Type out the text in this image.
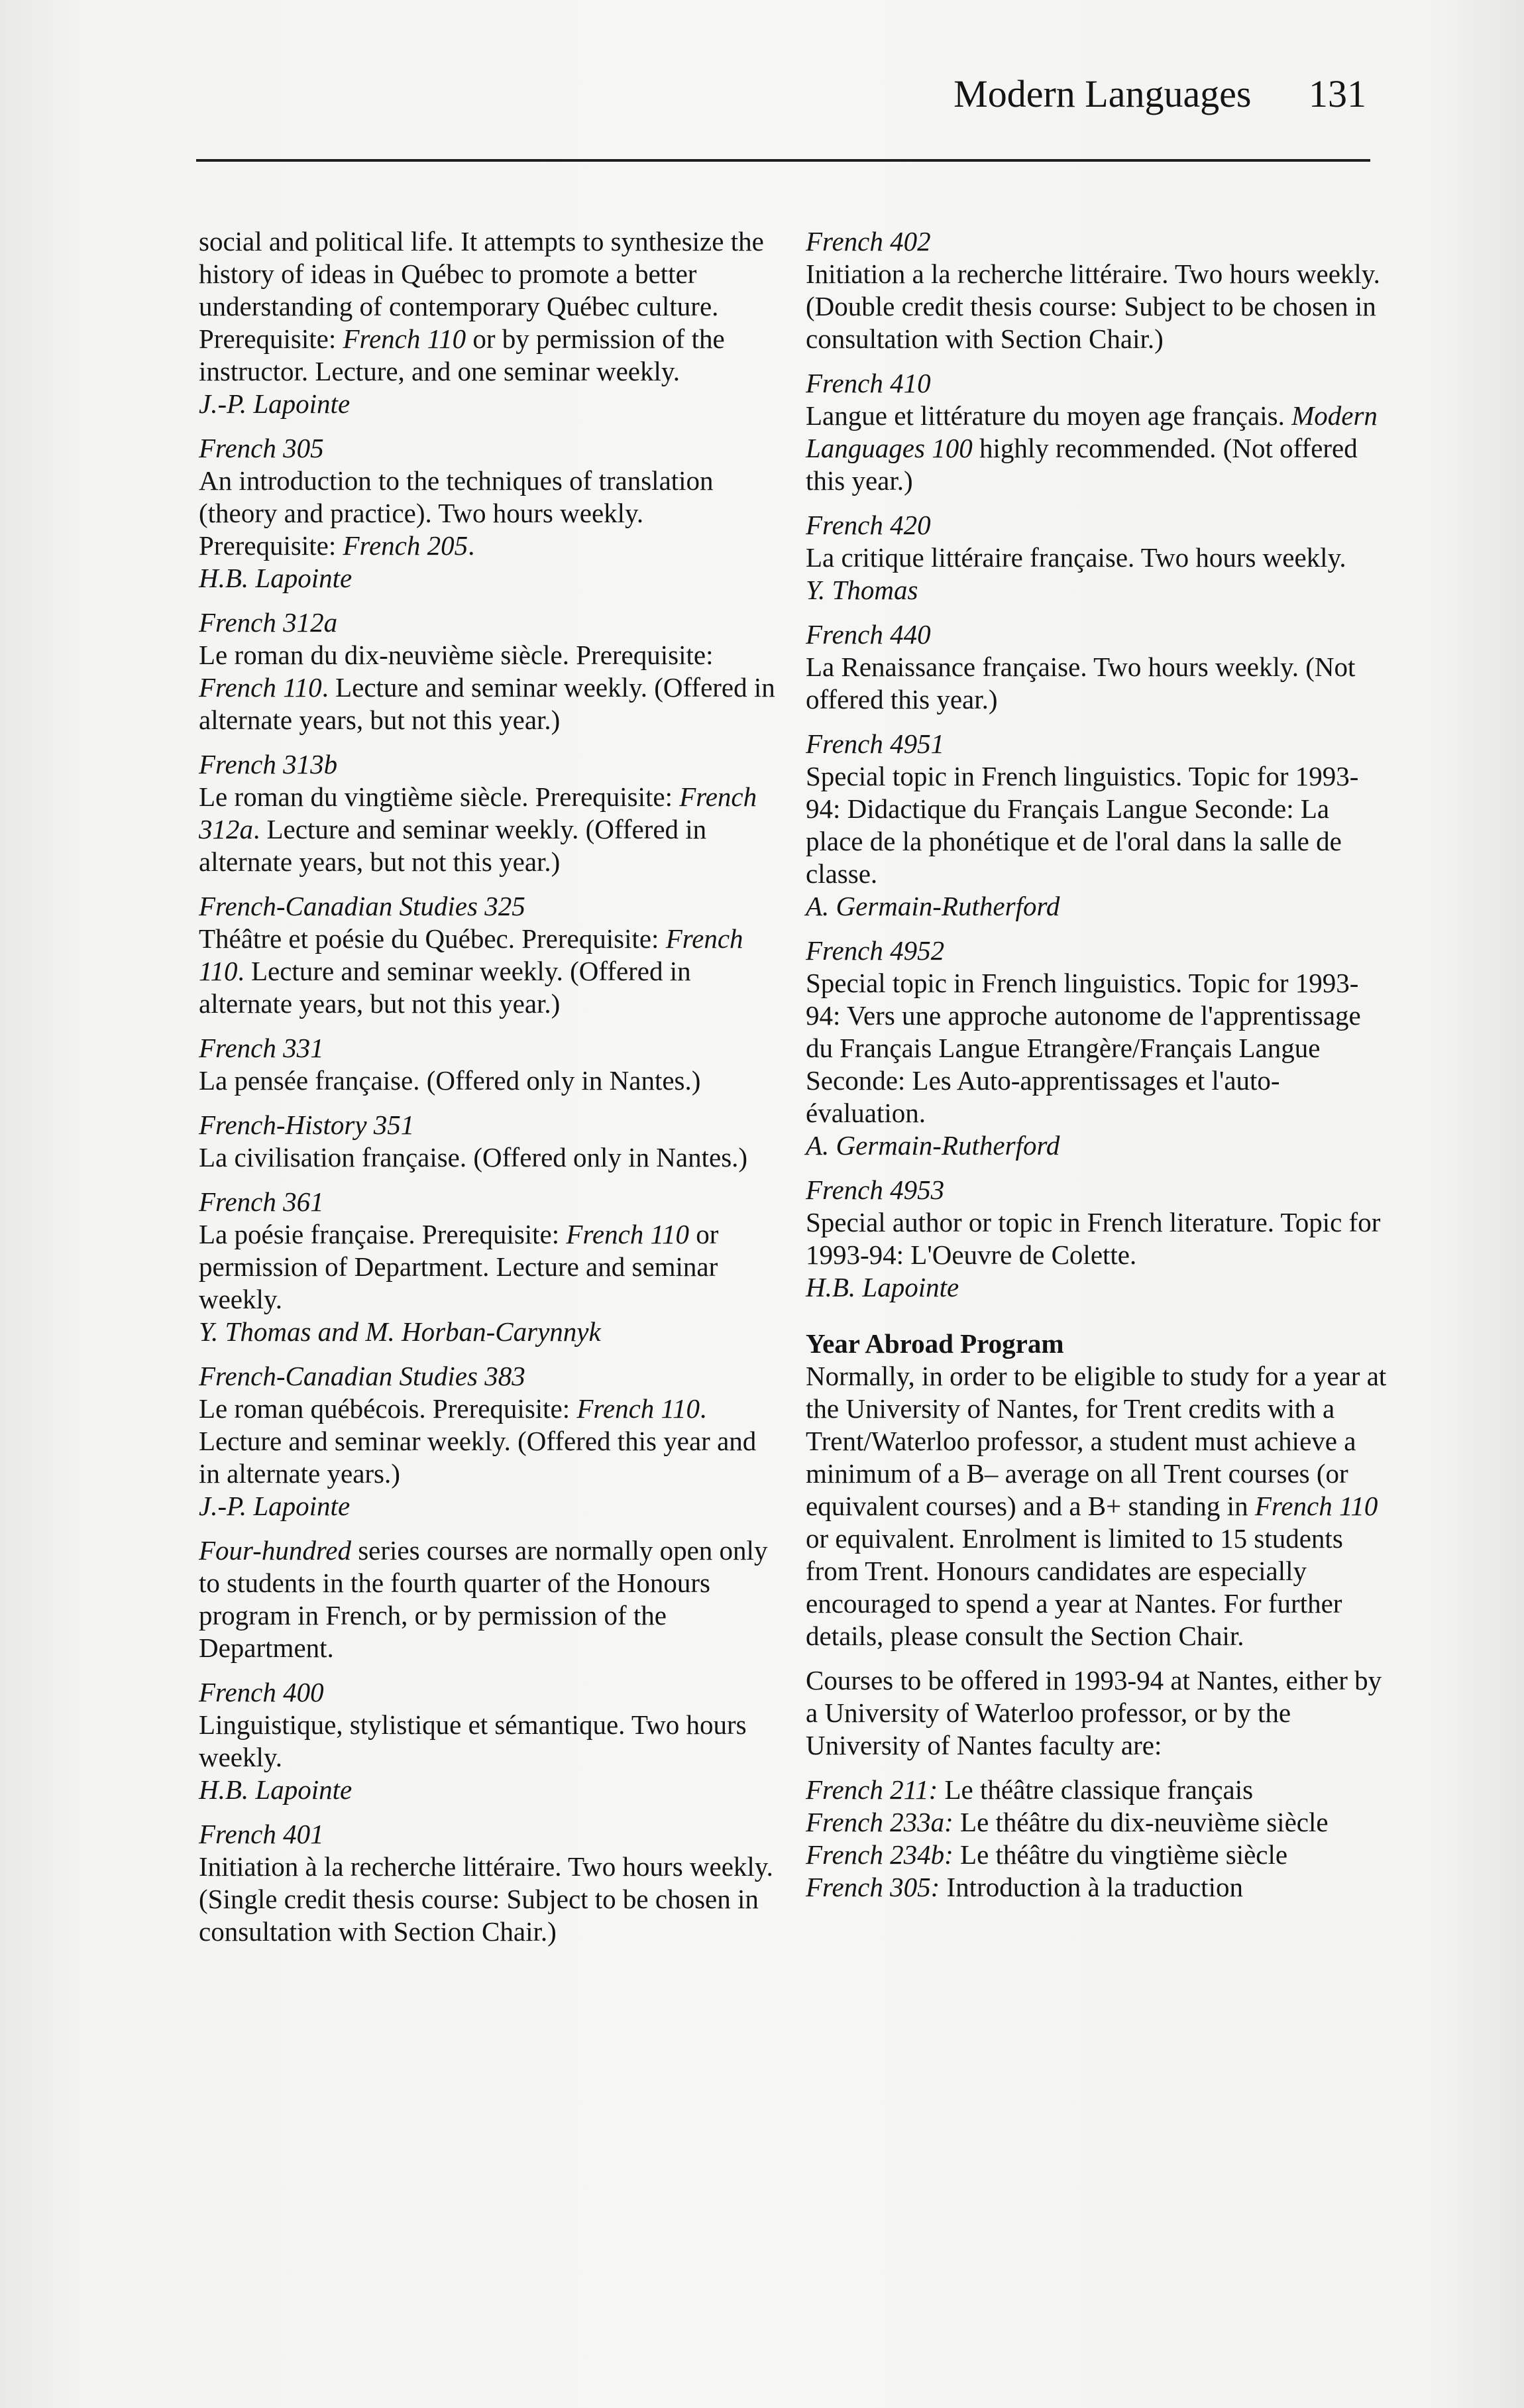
Modern Languages 131
social and political life. It attempts to synthesize the history of ideas in Québec to promote a better understanding of contemporary Québec culture. Prerequisite: French 110 or by permission of the instructor. Lecture, and one seminar weekly.
J.-P. Lapointe
French 305
An introduction to the techniques of translation (theory and practice). Two hours weekly. Prerequisite: French 205.
H.B. Lapointe
French 312a
Le roman du dix-neuvième siècle. Prerequisite: French 110. Lecture and seminar weekly. (Offered in alternate years, but not this year.)
French 313b
Le roman du vingtième siècle. Prerequisite: French 312a. Lecture and seminar weekly. (Offered in alternate years, but not this year.)
French-Canadian Studies 325
Théâtre et poésie du Québec. Prerequisite: French 110. Lecture and seminar weekly. (Offered in alternate years, but not this year.)
French 331
La pensée française. (Offered only in Nantes.)
French-History 351
La civilisation française. (Offered only in Nantes.)
French 361
La poésie française. Prerequisite: French 110 or permission of Department. Lecture and seminar weekly.
Y. Thomas and M. Horban-Carynnyk
French-Canadian Studies 383
Le roman québécois. Prerequisite: French 110. Lecture and seminar weekly. (Offered this year and in alternate years.)
J.-P. Lapointe
Four-hundred series courses are normally open only to students in the fourth quarter of the Honours program in French, or by permission of the Department.
French 400
Linguistique, stylistique et sémantique. Two hours weekly.
H.B. Lapointe
French 401
Initiation à la recherche littéraire. Two hours weekly. (Single credit thesis course: Subject to be chosen in consultation with Section Chair.)
French 402
Initiation a la recherche littéraire. Two hours weekly. (Double credit thesis course: Subject to be chosen in consultation with Section Chair.)
French 410
Langue et littérature du moyen age français. Modern Languages 100 highly recommended. (Not offered this year.)
French 420
La critique littéraire française. Two hours weekly.
Y. Thomas
French 440
La Renaissance française. Two hours weekly. (Not offered this year.)
French 4951
Special topic in French linguistics. Topic for 1993-94: Didactique du Français Langue Seconde: La place de la phonétique et de l'oral dans la salle de classe.
A. Germain-Rutherford
French 4952
Special topic in French linguistics. Topic for 1993-94: Vers une approche autonome de l'apprentissage du Français Langue Etrangère/Français Langue Seconde: Les Auto-apprentissages et l'auto-évaluation.
A. Germain-Rutherford
French 4953
Special author or topic in French literature. Topic for 1993-94: L'Oeuvre de Colette.
H.B. Lapointe
Year Abroad Program
Normally, in order to be eligible to study for a year at the University of Nantes, for Trent credits with a Trent/Waterloo professor, a student must achieve a minimum of a B– average on all Trent courses (or equivalent courses) and a B+ standing in French 110 or equivalent. Enrolment is limited to 15 students from Trent. Honours candidates are especially encouraged to spend a year at Nantes. For further details, please consult the Section Chair.
Courses to be offered in 1993-94 at Nantes, either by a University of Waterloo professor, or by the University of Nantes faculty are:
French 211: Le théâtre classique français
French 233a: Le théâtre du dix-neuvième siècle
French 234b: Le théâtre du vingtième siècle
French 305: Introduction à la traduction
